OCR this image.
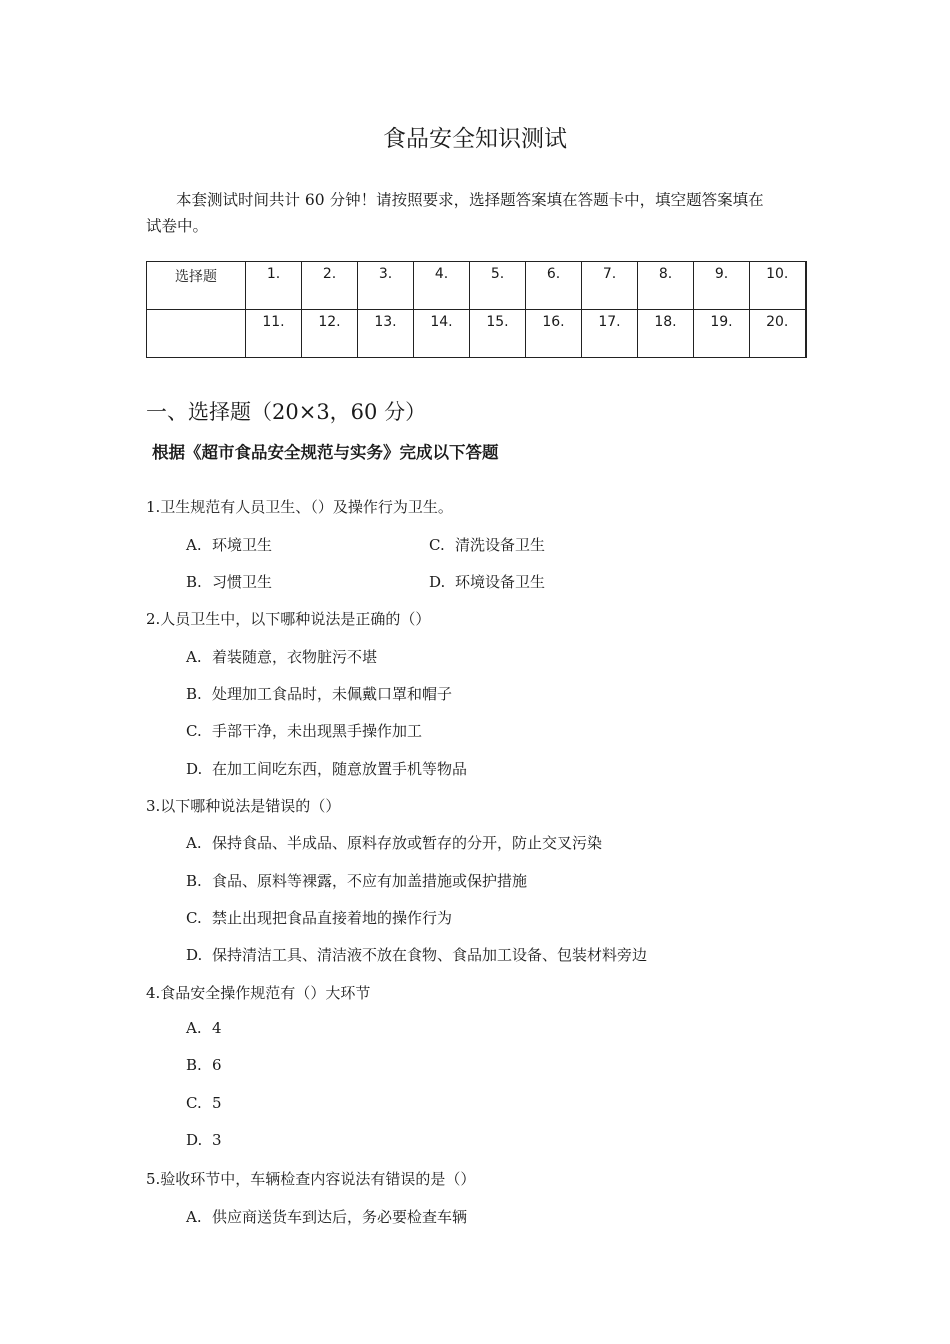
食品安全知识测试
本套测试时间共计 60 分钟！请按照要求，选择题答案填在答题卡中，填空题答案填在
试卷中。
选择题	1.	2.	3.	4.	5.	6.	7.	8.	9.	10.
	11.	12.	13.	14.	15.	16.	17.	18.	19.	20.
一、选择题（20×3，60 分）
根据《超市食品安全规范与实务》完成以下答题
1.卫生规范有人员卫生、（）及操作行为卫生。
A. 环境卫生	C. 清洗设备卫生
B. 习惯卫生	D. 环境设备卫生
2.人员卫生中，以下哪种说法是正确的（）
A. 着装随意，衣物脏污不堪
B. 处理加工食品时，未佩戴口罩和帽子
C. 手部干净，未出现黑手操作加工
D. 在加工间吃东西，随意放置手机等物品
3.以下哪种说法是错误的（）
A. 保持食品、半成品、原料存放或暂存的分开，防止交叉污染
B. 食品、原料等裸露，不应有加盖措施或保护措施
C. 禁止出现把食品直接着地的操作行为
D. 保持清洁工具、清洁液不放在食物、食品加工设备、包装材料旁边
4.食品安全操作规范有（）大环节
A. 4
B. 6
C. 5
D. 3
5.验收环节中，车辆检查内容说法有错误的是（）
A. 供应商送货车到达后，务必要检查车辆
